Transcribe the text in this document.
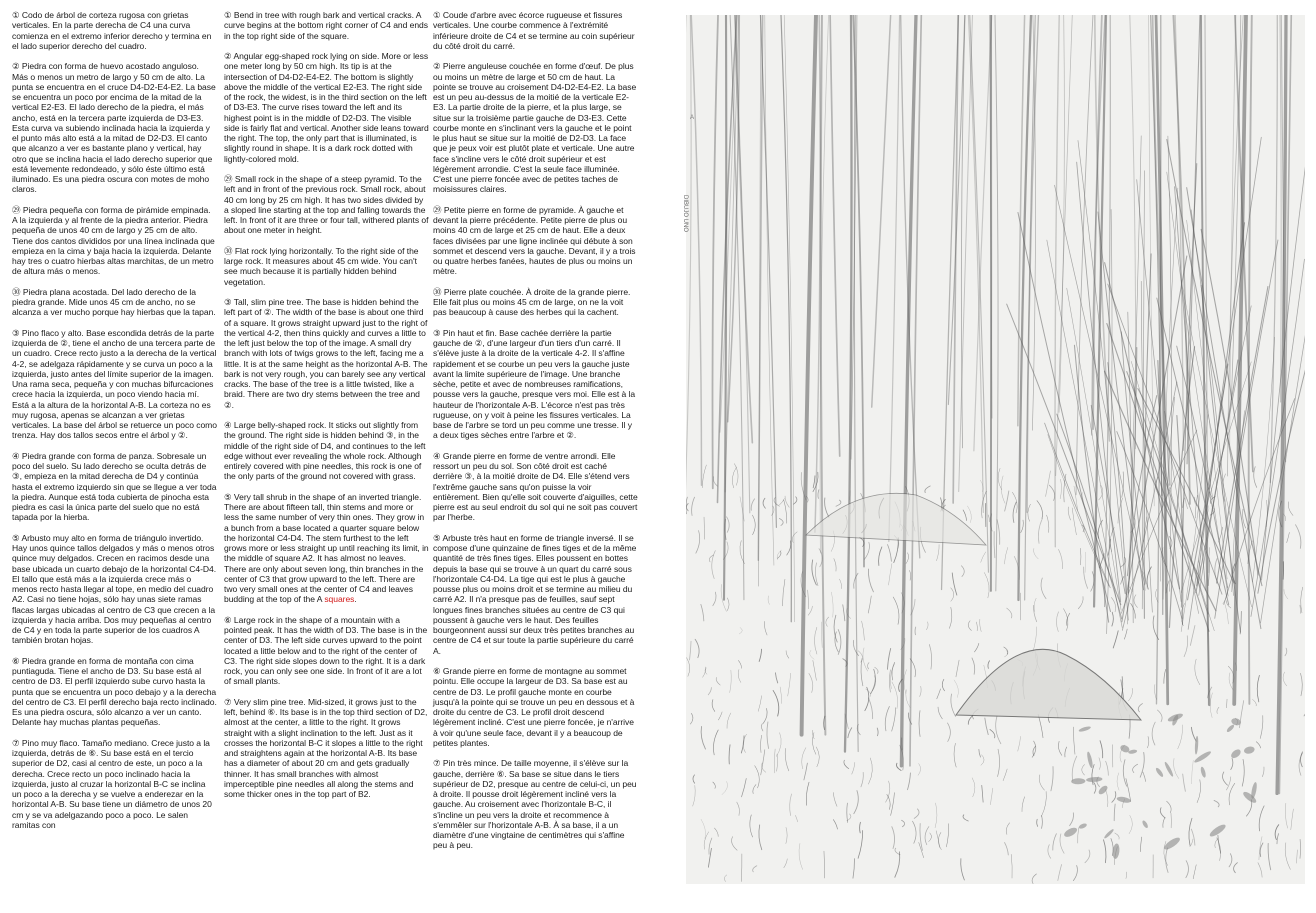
① Codo de árbol de corteza rugosa con grietas verticales. En la parte derecha de C4 una curva comienza en el extremo inferior derecho y termina en el lado superior derecho del cuadro.

② Piedra con forma de huevo acostado anguloso. Más o menos un metro de largo y 50 cm de alto. La punta se encuentra en el cruce D4-D2-E4-E2. La base se encuentra un poco por encima de la mitad de la vertical E2-E3. El lado derecho de la piedra, el más ancho, está en la tercera parte izquierda de D3-E3. Esta curva va subiendo inclinada hacia la izquierda y el punto más alto está a la mitad de D2-D3. El canto que alcanzo a ver es bastante plano y vertical, hay otro que se inclina hacia el lado derecho superior que está levemente redondeado, y sólo éste último está iluminado. Es una piedra oscura con motes de moho claros.

㉙ Piedra pequeña con forma de pirámide empinada. A la izquierda y al frente de la piedra anterior. Piedra pequeña de unos 40 cm de largo y 25 cm de alto. Tiene dos cantos divididos por una línea inclinada que empieza en la cima y baja hacia la izquierda. Delante hay tres o cuatro hierbas altas marchitas, de un metro de altura más o menos.

㉚ Piedra plana acostada. Del lado derecho de la piedra grande. Mide unos 45 cm de ancho, no se alcanza a ver mucho porque hay hierbas que la tapan.

③ Pino flaco y alto. Base escondida detrás de la parte izquierda de ②, tiene el ancho de una tercera parte de un cuadro. Crece recto justo a la derecha de la vertical 4-2, se adelgaza rápidamente y se curva un poco a la izquierda, justo antes del límite superior de la imagen. Una rama seca, pequeña y con muchas bifurcaciones crece hacia la izquierda, un poco viendo hacia mí. Está a la altura de la horizontal A-B. La corteza no es muy rugosa, apenas se alcanzan a ver grietas verticales. La base del árbol se retuerce un poco como trenza. Hay dos tallos secos entre el árbol y ②.

④ Piedra grande con forma de panza. Sobresale un poco del suelo. Su lado derecho se oculta detrás de ③, empieza en la mitad derecha de D4 y continúa hasta el extremo izquierdo sin que se llegue a ver toda la piedra. Aunque está toda cubierta de pinocha esta piedra es casi la única parte del suelo que no está tapada por la hierba.

⑤ Arbusto muy alto en forma de triángulo invertido. Hay unos quince tallos delgados y más o menos otros quince muy delgados. Crecen en racimos desde una base ubicada un cuarto debajo de la horizontal C4-D4. El tallo que está más a la izquierda crece más o menos recto hasta llegar al tope, en medio del cuadro A2. Casi no tiene hojas, sólo hay unas siete ramas flacas largas ubicadas al centro de C3 que crecen a la izquierda y hacia arriba. Dos muy pequeñas al centro de C4 y en toda la parte superior de los cuadros A también brotan hojas.

⑥ Piedra grande en forma de montaña con cima puntiaguda. Tiene el ancho de D3. Su base está al centro de D3. El perfil izquierdo sube curvo hasta la punta que se encuentra un poco debajo y a la derecha del centro de C3. El perfil derecho baja recto inclinado. Es una piedra oscura, sólo alcanzo a ver un canto. Delante hay muchas plantas pequeñas.

⑦ Pino muy flaco. Tamaño mediano. Crece justo a la izquierda, detrás de ⑥. Su base está en el tercio superior de D2, casi al centro de este, un poco a la derecha. Crece recto un poco inclinado hacia la izquierda, justo al cruzar la horizontal B-C se inclina un poco a la derecha y se vuelve a enderezar en la horizontal A-B. Su base tiene un diámetro de unos 20 cm y se va adelgazando poco a poco. Le salen ramitas con

① Bend in tree with rough bark and vertical cracks. A curve begins at the bottom right corner of C4 and ends in the top right side of the square.

② Angular egg-shaped rock lying on side. More or less one meter long by 50 cm high. Its tip is at the intersection of D4-D2-E4-E2. The bottom is slightly above the middle of the vertical E2-E3. The right side of the rock, the widest, is in the third section on the left of D3-E3. The curve rises toward the left and its highest point is in the middle of D2-D3. The visible side is fairly flat and vertical. Another side leans toward the right. The top, the only part that is illuminated, is slightly round in shape. It is a dark rock dotted with lightly-colored mold.

㉙ Small rock in the shape of a steep pyramid. To the left and in front of the previous rock. Small rock, about 40 cm long by 25 cm high. It has two sides divided by a sloped line starting at the top and falling towards the left. In front of it are three or four tall, withered plants of about one meter in height.

㉚ Flat rock lying horizontally. To the right side of the large rock. It measures about 45 cm wide. You can't see much because it is partially hidden behind vegetation.

③ Tall, slim pine tree. The base is hidden behind the left part of ②. The width of the base is about one third of a square. It grows straight upward just to the right of the vertical 4-2, then thins quickly and curves a little to the left just below the top of the image. A small dry branch with lots of twigs grows to the left, facing me a little. It is at the same height as the horizontal A-B. The bark is not very rough, you can barely see any vertical cracks. The base of the tree is a little twisted, like a braid. There are two dry stems between the tree and ②.

④ Large belly-shaped rock. It sticks out slightly from the ground. The right side is hidden behind ③, in the middle of the right side of D4, and continues to the left edge without ever revealing the whole rock. Although entirely covered with pine needles, this rock is one of the only parts of the ground not covered with grass.

⑤ Very tall shrub in the shape of an inverted triangle. There are about fifteen tall, thin stems and more or less the same number of very thin ones. They grow in a bunch from a base located a quarter square below the horizontal C4-D4. The stem furthest to the left grows more or less straight up until reaching its limit, in the middle of square A2. It has almost no leaves. There are only about seven long, thin branches in the center of C3 that grow upward to the left. There are two very small ones at the center of C4 and leaves budding at the top of the A squares.

⑥ Large rock in the shape of a mountain with a pointed peak. It has the width of D3. The base is in the center of D3. The left side curves upward to the point located a little below and to the right of the center of C3. The right side slopes down to the right. It is a dark rock, you can only see one side. In front of it are a lot of small plants.

⑦ Very slim pine tree. Mid-sized, it grows just to the left, behind ⑥. Its base is in the top third section of D2, almost at the center, a little to the right. It grows straight with a slight inclination to the left. Just as it crosses the horizontal B-C it slopes a little to the right and straightens again at the horizontal A-B. Its base has a diameter of about 20 cm and gets gradually thinner. It has small branches with almost imperceptible pine needles all along the stems and some thicker ones in the top part of B2.

① Coude d'arbre avec écorce rugueuse et fissures verticales. Une courbe commence à l'extrémité inférieure droite de C4 et se termine au coin supérieur du côté droit du carré.

② Pierre anguleuse couchée en forme d'œuf. De plus ou moins un mètre de large et 50 cm de haut. La pointe se trouve au croisement D4-D2-E4-E2. La base est un peu au-dessus de la moitié de la verticale E2-E3. La partie droite de la pierre, et la plus large, se situe sur la troisième partie gauche de D3-E3. Cette courbe monte en s'inclinant vers la gauche et le point le plus haut se situe sur la moitié de D2-D3. La face que je peux voir est plutôt plate et verticale. Une autre face s'incline vers le côté droit supérieur et est légèrement arrondie. C'est la seule face illuminée. C'est une pierre foncée avec de petites taches de moisissures claires.

㉙ Petite pierre en forme de pyramide. À gauche et devant la pierre précédente. Petite pierre de plus ou moins 40 cm de large et 25 cm de haut. Elle a deux faces divisées par une ligne inclinée qui débute à son sommet et descend vers la gauche. Devant, il y a trois ou quatre herbes fanées, hautes de plus ou moins un mètre.

㉚ Pierre plate couchée. À droite de la grande pierre. Elle fait plus ou moins 45 cm de large, on ne la voit pas beaucoup à cause des herbes qui la cachent.

③ Pin haut et fin. Base cachée derrière la partie gauche de ②, d'une largeur d'un tiers d'un carré. Il s'élève juste à la droite de la verticale 4-2. Il s'affine rapidement et se courbe un peu vers la gauche juste avant la limite supérieure de l'image. Une branche sèche, petite et avec de nombreuses ramifications, pousse vers la gauche, presque vers moi. Elle est à la hauteur de l'horizontale A-B. L'écorce n'est pas très rugueuse, on y voit à peine les fissures verticales. La base de l'arbre se tord un peu comme une tresse. Il y a deux tiges sèches entre l'arbre et ②.

④ Grande pierre en forme de ventre arrondi. Elle ressort un peu du sol. Son côté droit est caché derrière ③, à la moitié droite de D4. Elle s'étend vers l'extrême gauche sans qu'on puisse la voir entièrement. Bien qu'elle soit couverte d'aiguilles, cette pierre est au seul endroit du sol qui ne soit pas couvert par l'herbe.

⑤ Arbuste très haut en forme de triangle inversé. Il se compose d'une quinzaine de fines tiges et de la même quantité de très fines tiges. Elles poussent en bottes depuis la base qui se trouve à un quart du carré sous l'horizontale C4-D4. La tige qui est le plus à gauche pousse plus ou moins droit et se termine au milieu du carré A2. Il n'a presque pas de feuilles, sauf sept longues fines branches situées au centre de C3 qui poussent à gauche vers le haut. Des feuilles bourgeonnent aussi sur deux très petites branches au centre de C4 et sur toute la partie supérieure du carré A.

⑥ Grande pierre en forme de montagne au sommet pointu. Elle occupe la largeur de D3. Sa base est au centre de D3. Le profil gauche monte en courbe jusqu'à la pointe qui se trouve un peu en dessous et à droite du centre de C3. Le profil droit descend légèrement incliné. C'est une pierre foncée, je n'arrive à voir qu'une seule face, devant il y a beaucoup de petites plantes.

⑦ Pin très mince. De taille moyenne, il s'élève sur la gauche, derrière ⑥. Sa base se situe dans le tiers supérieur de D2, presque au centre de celui-ci, un peu à droite. Il pousse droit légèrement incliné vers la gauche. Au croisement avec l'horizontale B-C, il s'incline un peu vers la droite et recommence à s'emmêler sur l'horizontale A-B. À sa base, il a un diamètre d'une vingtaine de centimètres qui s'affine peu à peu.

A
DIBUJO UNO
